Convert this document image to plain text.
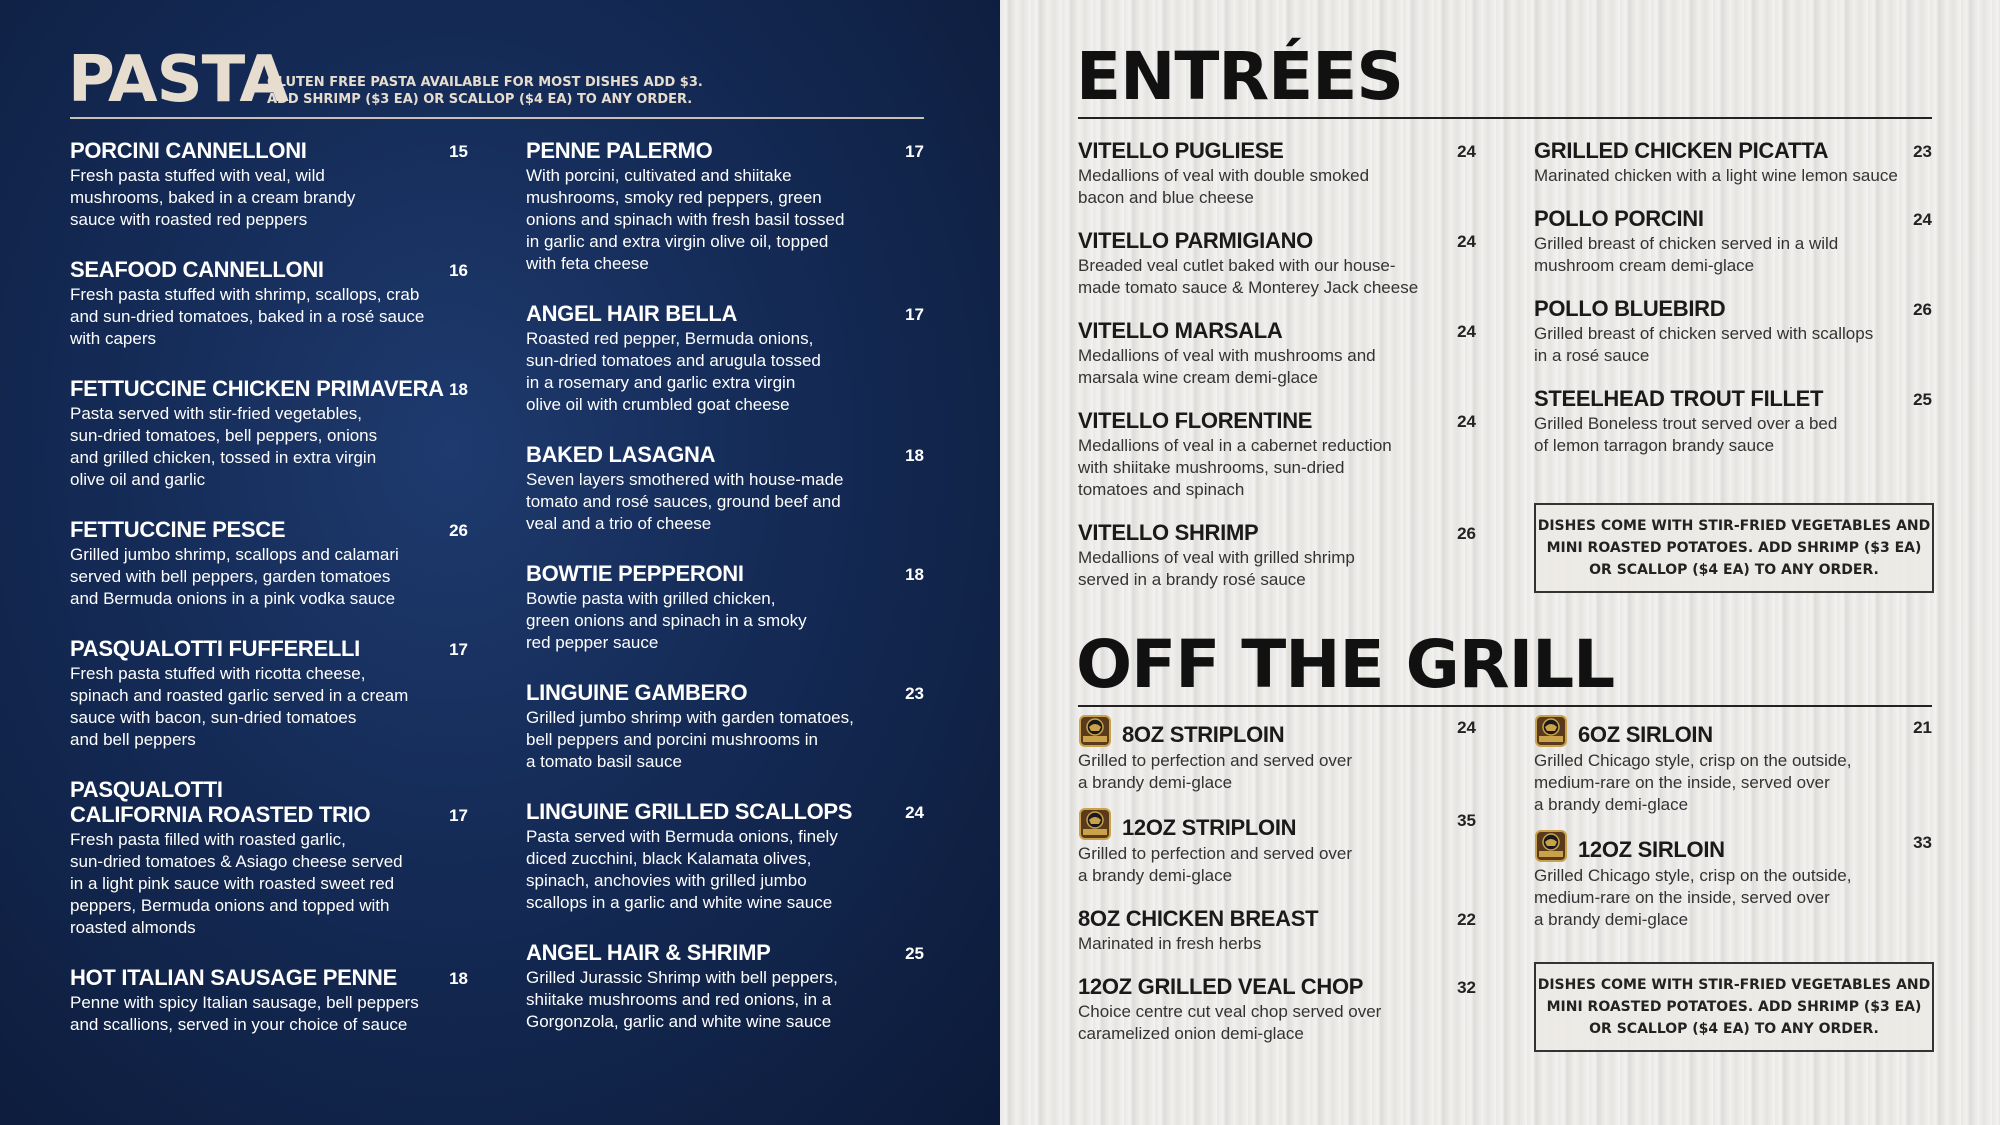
PASTA
GLUTEN FREE PASTA AVAILABLE FOR MOST DISHES ADD $3.
ADD SHRIMP ($3 EA) OR SCALLOP ($4 EA) TO ANY ORDER.
PORCINI CANNELLONI	15
Fresh pasta stuffed with veal, wild
mushrooms, baked in a cream brandy
sauce with roasted red peppers
SEAFOOD CANNELLONI	16
Fresh pasta stuffed with shrimp, scallops, crab
and sun-dried tomatoes, baked in a rosé sauce
with capers
FETTUCCINE CHICKEN PRIMAVERA 18
Pasta served with stir-fried vegetables,
sun-dried tomatoes, bell peppers, onions
and grilled chicken, tossed in extra virgin
olive oil and garlic
FETTUCCINE PESCE	26
Grilled jumbo shrimp, scallops and calamari
served with bell peppers, garden tomatoes
and Bermuda onions in a pink vodka sauce
PASQUALOTTI FUFFERELLI	17
Fresh pasta stuffed with ricotta cheese,
spinach and roasted garlic served in a cream
sauce with bacon, sun-dried tomatoes
and bell peppers
PASQUALOTTI
CALIFORNIA ROASTED TRIO	17
Fresh pasta filled with roasted garlic,
sun-dried tomatoes & Asiago cheese served
in a light pink sauce with roasted sweet red
peppers, Bermuda onions and topped with
roasted almonds
HOT ITALIAN SAUSAGE PENNE	18
Penne with spicy Italian sausage, bell peppers
and scallions, served in your choice of sauce
PENNE PALERMO	17
With porcini, cultivated and shiitake
mushrooms, smoky red peppers, green
onions and spinach with fresh basil tossed
in garlic and extra virgin olive oil, topped
with feta cheese
ANGEL HAIR BELLA	17
Roasted red pepper, Bermuda onions,
sun-dried tomatoes and arugula tossed
in a rosemary and garlic extra virgin
olive oil with crumbled goat cheese
BAKED LASAGNA	18
Seven layers smothered with house-made
tomato and rosé sauces, ground beef and
veal and a trio of cheese
BOWTIE PEPPERONI	18
Bowtie pasta with grilled chicken,
green onions and spinach in a smoky
red pepper sauce
LINGUINE GAMBERO	23
Grilled jumbo shrimp with garden tomatoes,
bell peppers and porcini mushrooms in
a tomato basil sauce
LINGUINE GRILLED SCALLOPS	24
Pasta served with Bermuda onions, finely
diced zucchini, black Kalamata olives,
spinach, anchovies with grilled jumbo
scallops in a garlic and white wine sauce
ANGEL HAIR & SHRIMP	25
Grilled Jurassic Shrimp with bell peppers,
shiitake mushrooms and red onions, in a
Gorgonzola, garlic and white wine sauce
ENTRÉES
VITELLO PUGLIESE	24
Medallions of veal with double smoked
bacon and blue cheese
VITELLO PARMIGIANO	24
Breaded veal cutlet baked with our house-
made tomato sauce & Monterey Jack cheese
VITELLO MARSALA	24
Medallions of veal with mushrooms and
marsala wine cream demi-glace
VITELLO FLORENTINE	24
Medallions of veal in a cabernet reduction
with shiitake mushrooms, sun-dried
tomatoes and spinach
VITELLO SHRIMP	26
Medallions of veal with grilled shrimp
served in a brandy rosé sauce
GRILLED CHICKEN PICATTA	23
Marinated chicken with a light wine lemon sauce
POLLO PORCINI	24
Grilled breast of chicken served in a wild
mushroom cream demi-glace
POLLO BLUEBIRD	26
Grilled breast of chicken served with scallops
in a rosé sauce
STEELHEAD TROUT FILLET	25
Grilled Boneless trout served over a bed
of lemon tarragon brandy sauce
DISHES COME WITH STIR-FRIED VEGETABLES AND
MINI ROASTED POTATOES. ADD SHRIMP ($3 EA)
OR SCALLOP ($4 EA) TO ANY ORDER.
OFF THE GRILL
8OZ STRIPLOIN	24
Grilled to perfection and served over
a brandy demi-glace
12OZ STRIPLOIN	35
Grilled to perfection and served over
a brandy demi-glace
8OZ CHICKEN BREAST	22
Marinated in fresh herbs
12OZ GRILLED VEAL CHOP	32
Choice centre cut veal chop served over
caramelized onion demi-glace
6OZ SIRLOIN	21
Grilled Chicago style, crisp on the outside,
medium-rare on the inside, served over
a brandy demi-glace
12OZ SIRLOIN	33
Grilled Chicago style, crisp on the outside,
medium-rare on the inside, served over
a brandy demi-glace
DISHES COME WITH STIR-FRIED VEGETABLES AND
MINI ROASTED POTATOES. ADD SHRIMP ($3 EA)
OR SCALLOP ($4 EA) TO ANY ORDER.
